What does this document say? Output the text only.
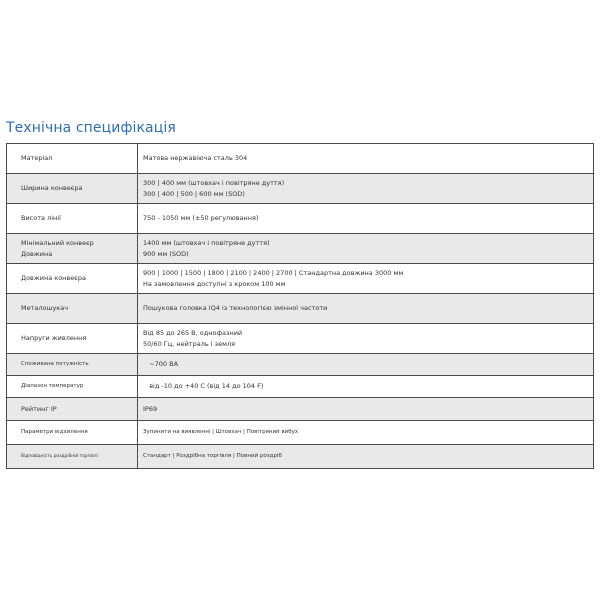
Технічна специфікація
Матеріал	Матова нержавіюча сталь 304

Ширина конвеєра	300 | 400 мм (штовхач і повітряне дуття)
300 | 400 | 500 | 600 мм (SOD)

Висота лінії	750 - 1050 мм (±50 регулювання)

Мінімальний конвеєр
Довжина	1400 мм (штовхач і повітряне дуття)
900 мм (SOD)

Довжина конвеєра	900 | 1000 | 1500 | 1800 | 2100 | 2400 | 2700 | Стандартна довжина 3000 мм
На замовлення доступні з кроком 100 мм

Металошукач	Пошукова головка IQ4 із технологією змінної частоти

Напруги живлення	Від 85 до 265 В, однофазний
50/60 Гц, нейтраль і земля

Споживана потужність	~700 ВА

Діапазон температур	від -10 до +40 C (від 14 до 104 F)

Рейтинг IP	IP69

Параметри відхилення	Зупинити на виявленні | Штовхач | Повітряний вибух

Відповідність роздрібній торгівлі	Стандарт | Роздрібна торгівля | Повний роздріб
